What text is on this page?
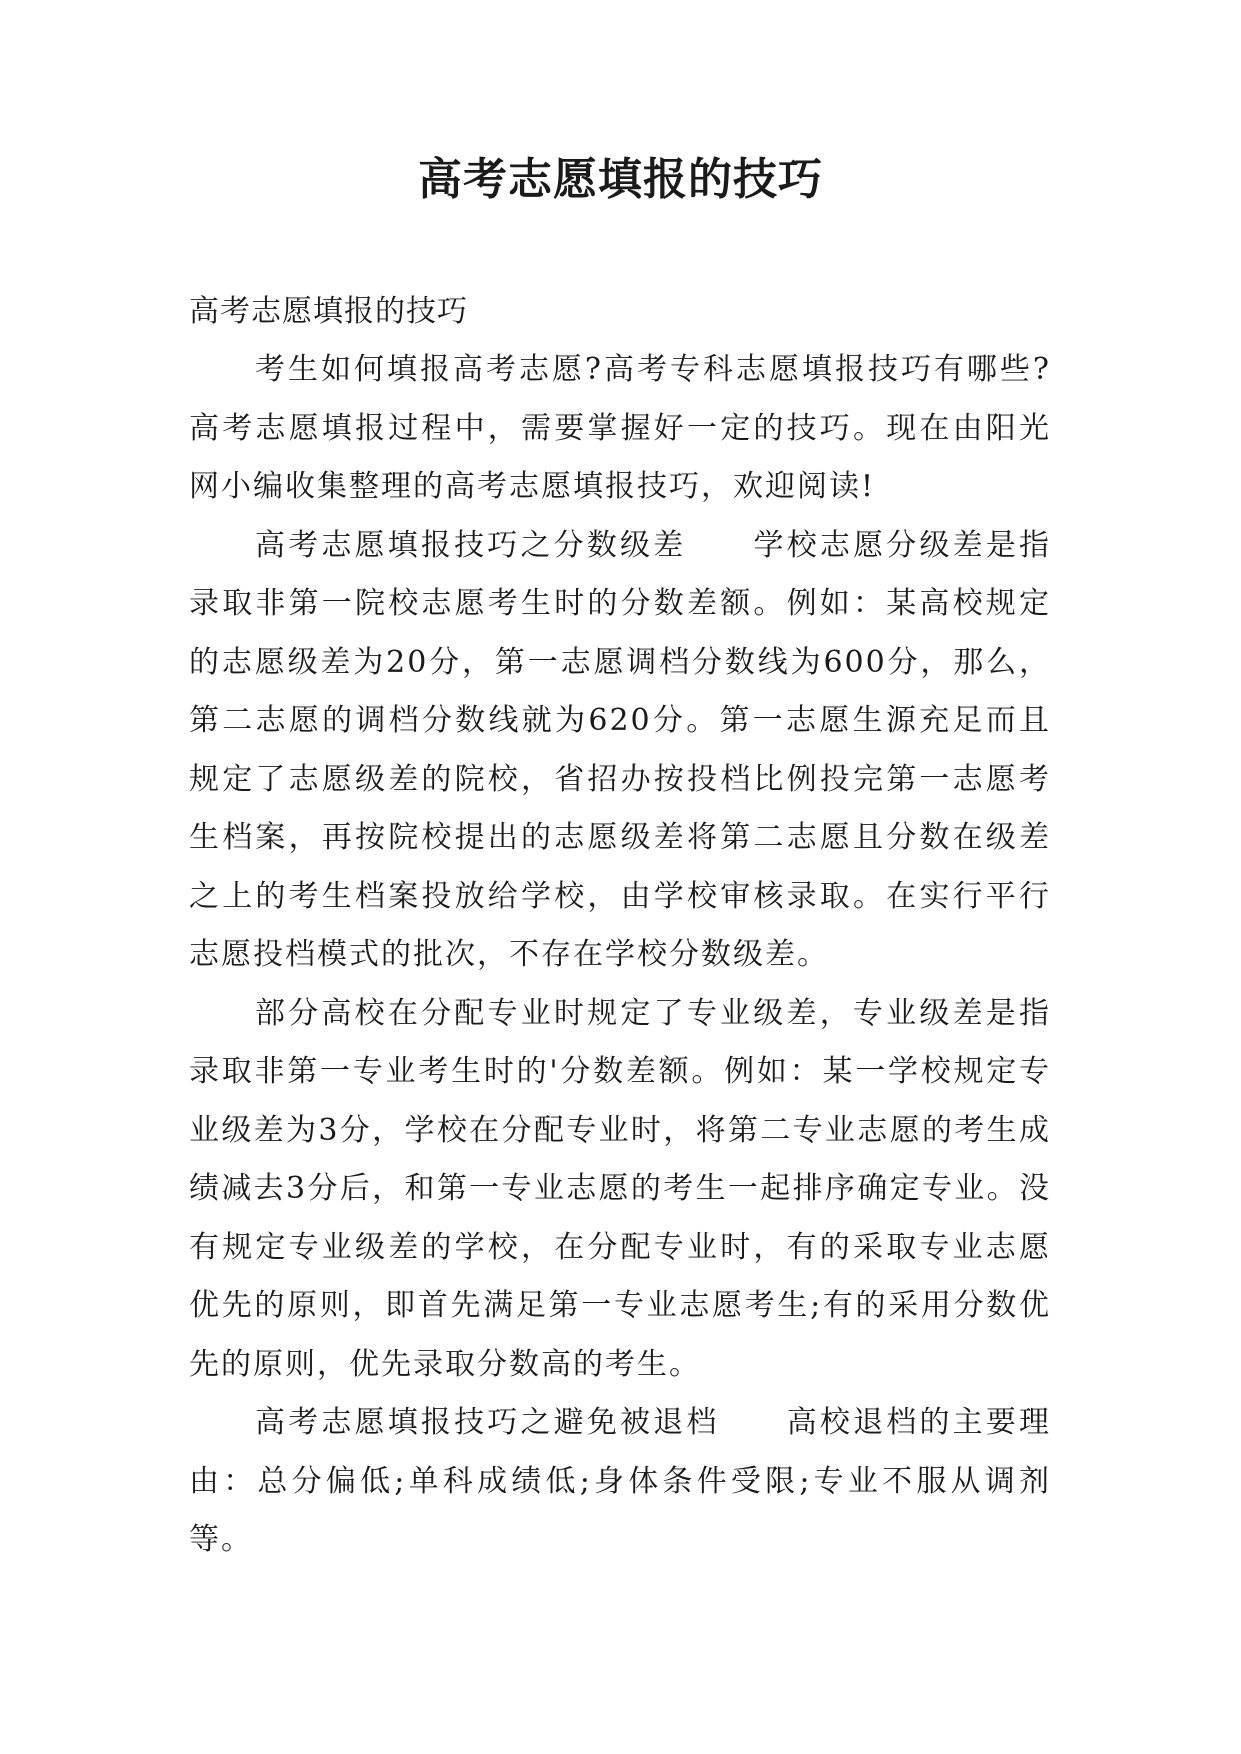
高考志愿填报的技巧

高考志愿填报的技巧

考生如何填报高考志愿?高考专科志愿填报技巧有哪些?高考志愿填报过程中，需要掌握好一定的技巧。现在由阳光网小编收集整理的高考志愿填报技巧，欢迎阅读!

高考志愿填报技巧之分数级差 学校志愿分级差是指录取非第一院校志愿考生时的分数差额。例如：某高校规定的志愿级差为20分，第一志愿调档分数线为600分，那么，第二志愿的调档分数线就为620分。第一志愿生源充足而且规定了志愿级差的院校，省招办按投档比例投完第一志愿考生档案，再按院校提出的志愿级差将第二志愿且分数在级差之上的考生档案投放给学校，由学校审核录取。在实行平行志愿投档模式的批次，不存在学校分数级差。

部分高校在分配专业时规定了专业级差，专业级差是指录取非第一专业考生时的'分数差额。例如：某一学校规定专业级差为3分，学校在分配专业时，将第二专业志愿的考生成绩减去3分后，和第一专业志愿的考生一起排序确定专业。没有规定专业级差的学校，在分配专业时，有的采取专业志愿优先的原则，即首先满足第一专业志愿考生;有的采用分数优先的原则，优先录取分数高的考生。

高考志愿填报技巧之避免被退档 高校退档的主要理由：总分偏低;单科成绩低;身体条件受限;专业不服从调剂等。
